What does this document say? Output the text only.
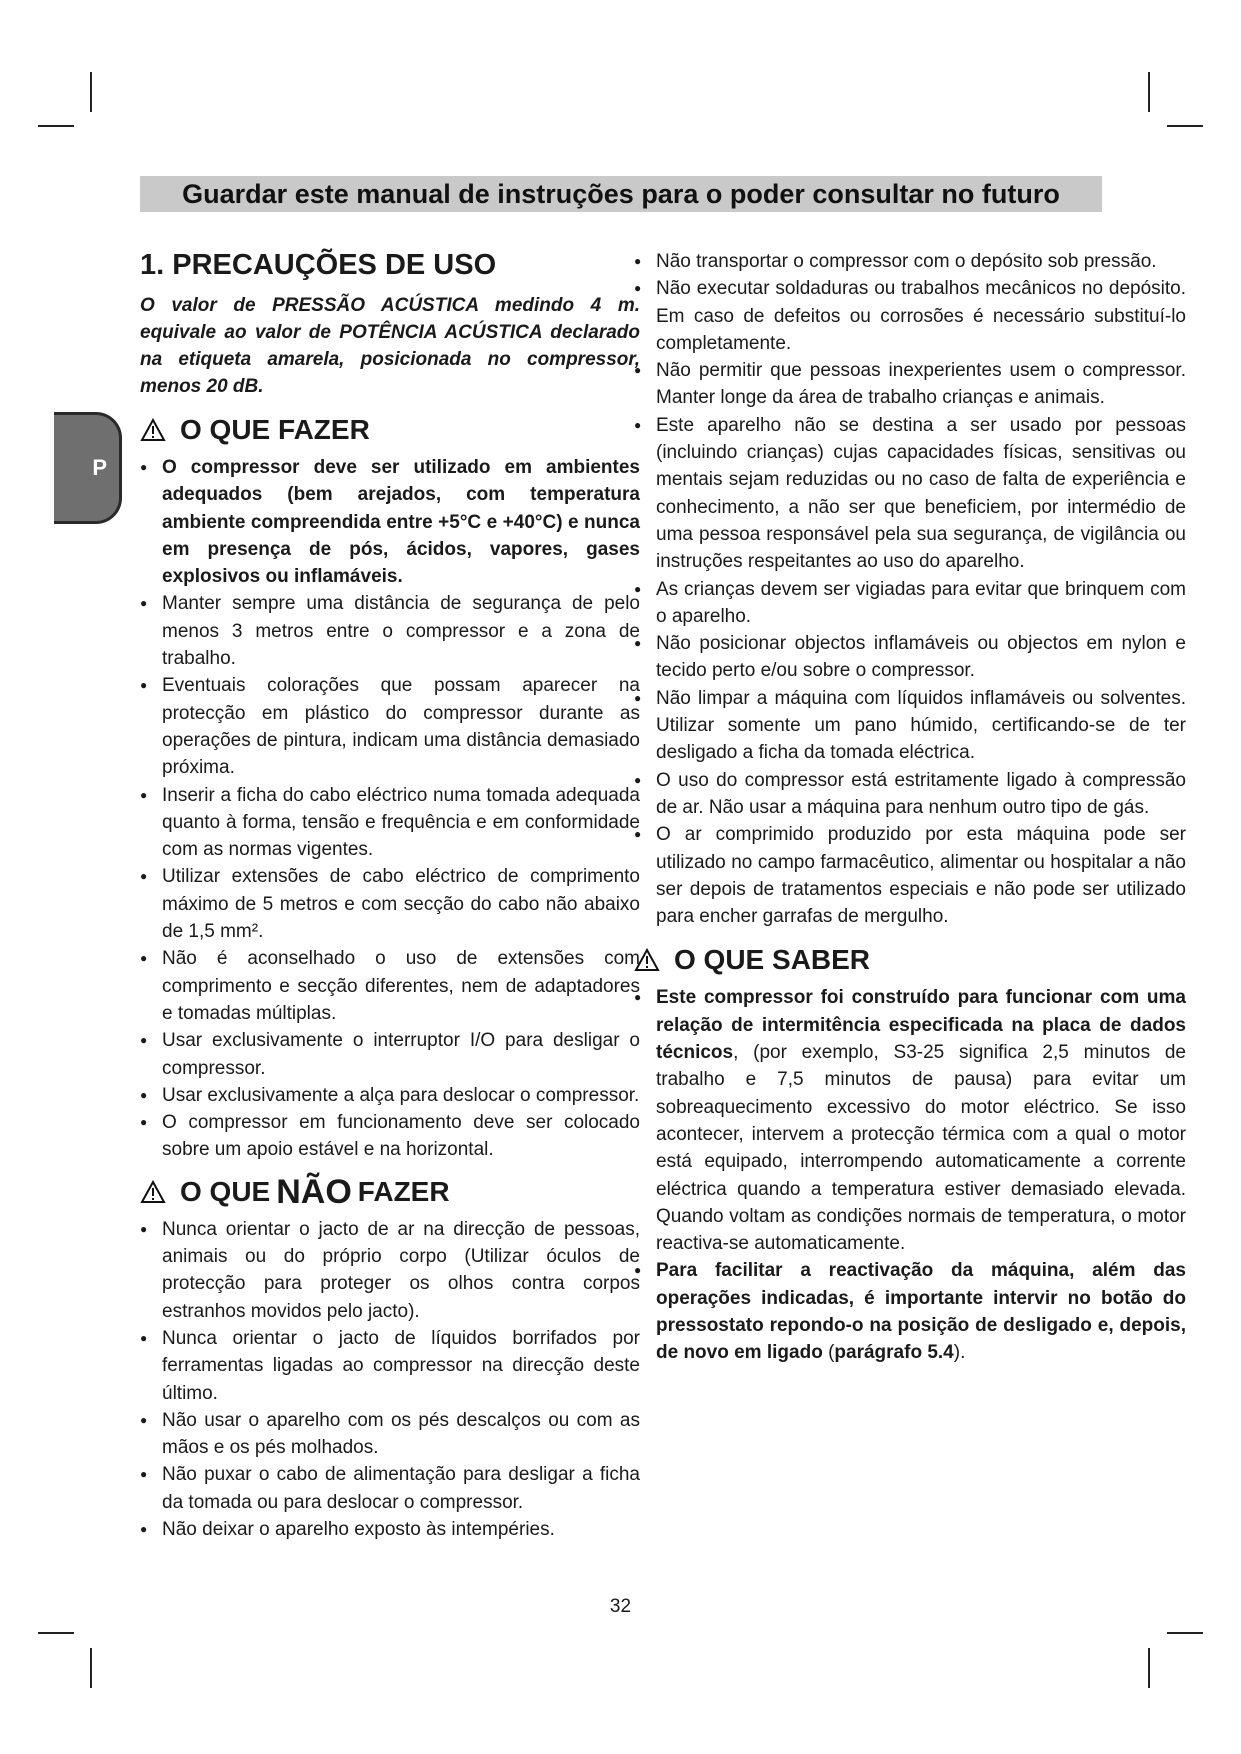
Guardar este manual de instruções para o poder consultar no futuro
P
1. PRECAUÇÕES DE USO

O valor de PRESSÃO ACÚSTICA medindo 4 m. equivale ao valor de POTÊNCIA ACÚSTICA declarado na etiqueta amarela, posicionada no compressor, menos 20 dB.

O QUE FAZER
● O compressor deve ser utilizado em ambientes adequados (bem arejados, com temperatura ambiente compreendida entre +5°C e +40°C) e nunca em presença de pós, ácidos, vapores, gases explosivos ou inflamáveis.
● Manter sempre uma distância de segurança de pelo menos 3 metros entre o compressor e a zona de trabalho.
● Eventuais colorações que possam aparecer na protecção em plástico do compressor durante as operações de pintura, indicam uma distância demasiado próxima.
● Inserir a ficha do cabo eléctrico numa tomada adequada quanto à forma, tensão e frequência e em conformidade com as normas vigentes.
● Utilizar extensões de cabo eléctrico de comprimento máximo de 5 metros e com secção do cabo não abaixo de 1,5 mm².
● Não é aconselhado o uso de extensões com comprimento e secção diferentes, nem de adaptadores e tomadas múltiplas.
● Usar exclusivamente o interruptor I/O para desligar o compressor.
● Usar exclusivamente a alça para deslocar o compressor.
● O compressor em funcionamento deve ser colocado sobre um apoio estável e na horizontal.
O QUE NÃO FAZER
● Nunca orientar o jacto de ar na direcção de pessoas, animais ou do próprio corpo (Utilizar óculos de protecção para proteger os olhos contra corpos estranhos movidos pelo jacto).
● Nunca orientar o jacto de líquidos borrifados por ferramentas ligadas ao compressor na direcção deste último.
● Não usar o aparelho com os pés descalços ou com as mãos e os pés molhados.
● Não puxar o cabo de alimentação para desligar a ficha da tomada ou para deslocar o compressor.
● Não deixar o aparelho exposto às intempéries.
● Não transportar o compressor com o depósito sob pressão.
● Não executar soldaduras ou trabalhos mecânicos no depósito. Em caso de defeitos ou corrosões é necessário substituí-lo completamente.
● Não permitir que pessoas inexperientes usem o compressor. Manter longe da área de trabalho crianças e animais.
● Este aparelho não se destina a ser usado por pessoas (incluindo crianças) cujas capacidades físicas, sensitivas ou mentais sejam reduzidas ou no caso de falta de experiência e conhecimento, a não ser que beneficiem, por intermédio de uma pessoa responsável pela sua segurança, de vigilância ou instruções respeitantes ao uso do aparelho.
● As crianças devem ser vigiadas para evitar que brinquem com o aparelho.
● Não posicionar objectos inflamáveis ou objectos em nylon e tecido perto e/ou sobre o compressor.
● Não limpar a máquina com líquidos inflamáveis ou solventes. Utilizar somente um pano húmido, certificando-se de ter desligado a ficha da tomada eléctrica.
● O uso do compressor está estritamente ligado à compressão de ar. Não usar a máquina para nenhum outro tipo de gás.
● O ar comprimido produzido por esta máquina pode ser utilizado no campo farmacêutico, alimentar ou hospitalar a não ser depois de tratamentos especiais e não pode ser utilizado para encher garrafas de mergulho.
O QUE SABER
● Este compressor foi construído para funcionar com uma relação de intermitência especificada na placa de dados técnicos, (por exemplo, S3-25 significa 2,5 minutos de trabalho e 7,5 minutos de pausa) para evitar um sobreaquecimento excessivo do motor eléctrico. Se isso acontecer, intervem a protecção térmica com a qual o motor está equipado, interrompendo automaticamente a corrente eléctrica quando a temperatura estiver demasiado elevada. Quando voltam as condições normais de temperatura, o motor reactiva-se automaticamente.
● Para facilitar a reactivação da máquina, além das operações indicadas, é importante intervir no botão do pressostato repondo-o na posição de desligado e, depois, de novo em ligado (parágrafo 5.4).
32
